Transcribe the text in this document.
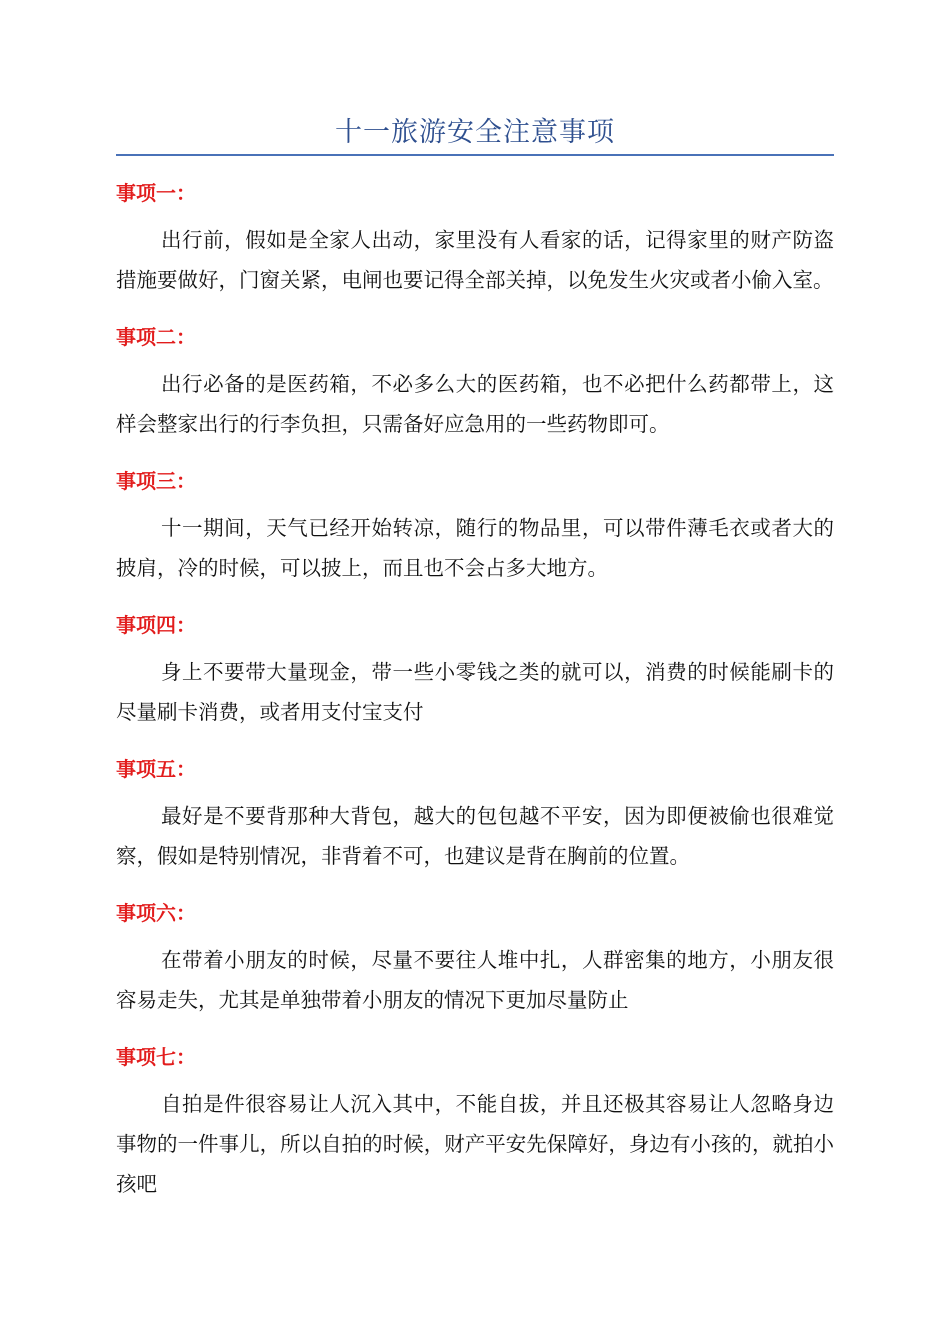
十一旅游安全注意事项
事项一：

出行前，假如是全家人出动，家里没有人看家的话，记得家里的财产防盗措施要做好，门窗关紧，电闸也要记得全部关掉，以免发生火灾或者小偷入室。

事项二：

出行必备的是医药箱，不必多么大的医药箱，也不必把什么药都带上，这样会整家出行的行李负担，只需备好应急用的一些药物即可。

事项三：

十一期间，天气已经开始转凉，随行的物品里，可以带件薄毛衣或者大的披肩，冷的时候，可以披上，而且也不会占多大地方。

事项四：

身上不要带大量现金，带一些小零钱之类的就可以，消费的时候能刷卡的尽量刷卡消费，或者用支付宝支付

事项五：

最好是不要背那种大背包，越大的包包越不平安，因为即便被偷也很难觉察，假如是特别情况，非背着不可，也建议是背在胸前的位置。

事项六：

在带着小朋友的时候，尽量不要往人堆中扎，人群密集的地方，小朋友很容易走失，尤其是单独带着小朋友的情况下更加尽量防止

事项七：

自拍是件很容易让人沉入其中，不能自拔，并且还极其容易让人忽略身边事物的一件事儿，所以自拍的时候，财产平安先保障好，身边有小孩的，就拍小孩吧
